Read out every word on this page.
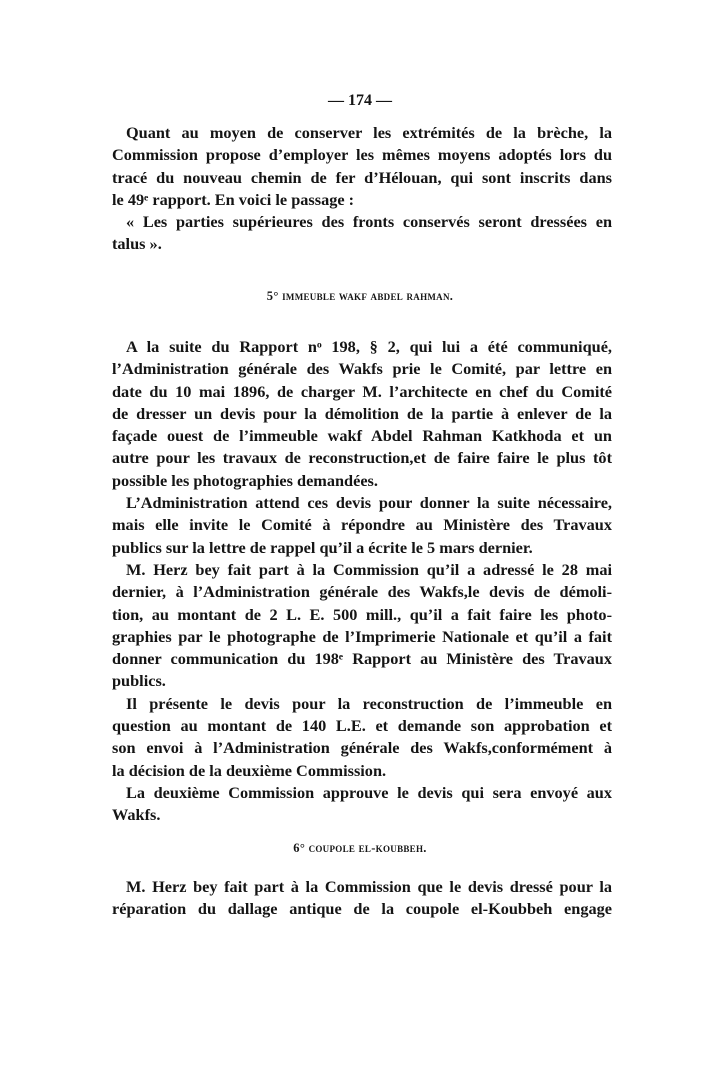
— 174 —
Quant au moyen de conserver les extrémités de la brèche, la
Commission propose d’employer les mêmes moyens adoptés lors du
tracé du nouveau chemin de fer d’Hélouan, qui sont inscrits dans
le 49ᵉ rapport. En voici le passage :
« Les parties supérieures des fronts conservés seront dressées en
talus ».
5° immeuble wakf abdel rahman.
A la suite du Rapport nᵒ 198, § 2, qui lui a été communiqué,
l’Administration générale des Wakfs prie le Comité, par lettre en
date du 10 mai 1896, de charger M. l’architecte en chef du Comité
de dresser un devis pour la démolition de la partie à enlever de la
façade ouest de l’immeuble wakf Abdel Rahman Katkhoda et un
autre pour les travaux de reconstruction,et de faire faire le plus tôt
possible les photographies demandées.
L’Administration attend ces devis pour donner la suite nécessaire,
mais elle invite le Comité à répondre au Ministère des Travaux
publics sur la lettre de rappel qu’il a écrite le 5 mars dernier.
M. Herz bey fait part à la Commission qu’il a adressé le 28 mai
dernier, à l’Administration générale des Wakfs,le devis de démoli-
tion, au montant de 2 L. E. 500 mill., qu’il a fait faire les photo-
graphies par le photographe de l’Imprimerie Nationale et qu’il a fait
donner communication du 198ᵉ Rapport au Ministère des Travaux
publics.
Il présente le devis pour la reconstruction de l’immeuble en
question au montant de 140 L.E. et demande son approbation et
son envoi à l’Administration générale des Wakfs,conformément à
la décision de la deuxième Commission.
La deuxième Commission approuve le devis qui sera envoyé aux
Wakfs.
6° coupole el-koubbeh.
M. Herz bey fait part à la Commission que le devis dressé pour la
réparation du dallage antique de la coupole el-Koubbeh engage
